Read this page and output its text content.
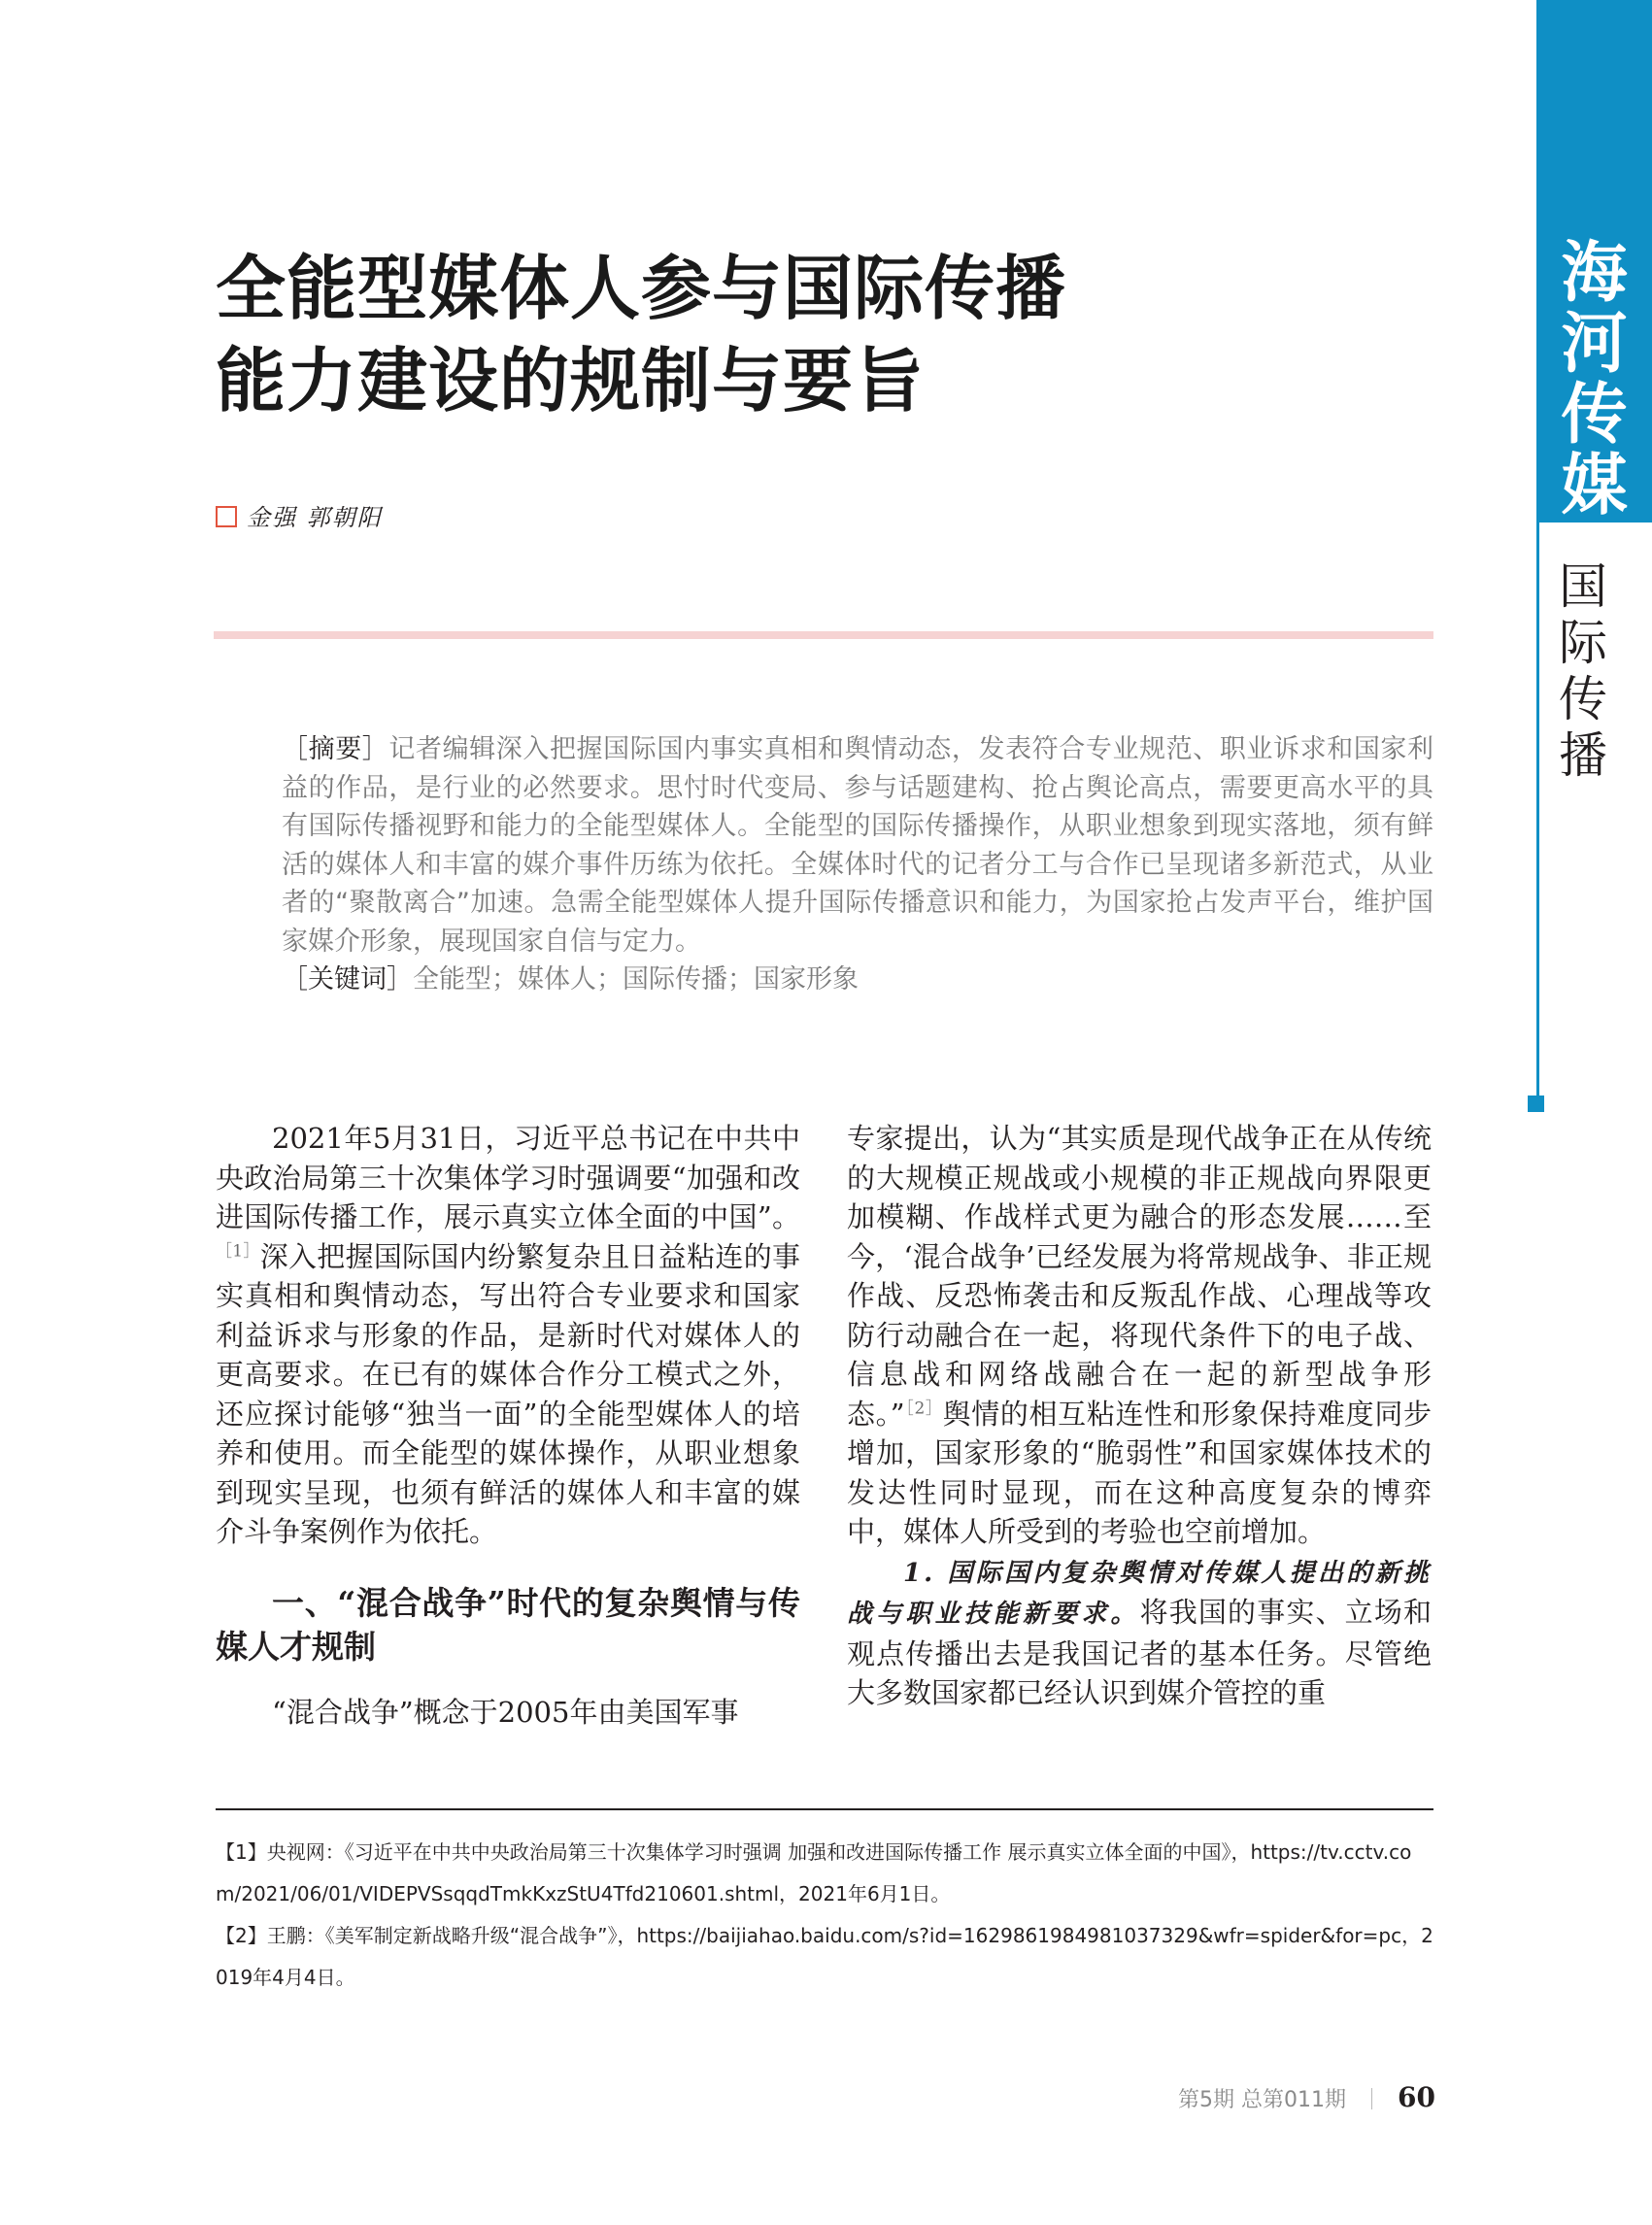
海
河
传
媒
国
际
传
播
全能型媒体人参与国际传播
能力建设的规制与要旨
金强 郭朝阳

［摘要］记者编辑深入把握国际国内事实真相和舆情动态，发表符合专业规范、职业诉求和国家利益的作品，是行业的必然要求。思忖时代变局、参与话题建构、抢占舆论高点，需要更高水平的具有国际传播视野和能力的全能型媒体人。全能型的国际传播操作，从职业想象到现实落地，须有鲜活的媒体人和丰富的媒介事件历练为依托。全媒体时代的记者分工与合作已呈现诸多新范式，从业者的“聚散离合”加速。急需全能型媒体人提升国际传播意识和能力，为国家抢占发声平台，维护国家媒介形象，展现国家自信与定力。

［关键词］全能型；媒体人；国际传播；国家形象

2021年5月31日，习近平总书记在中共中央政治局第三十次集体学习时强调要“加强和改进国际传播工作，展示真实立体全面的中国”。$^{[1]}$深入把握国际国内纷繁复杂且日益粘连的事实真相和舆情动态，写出符合专业要求和国家利益诉求与形象的作品，是新时代对媒体人的更高要求。在已有的媒体合作分工模式之外，还应探讨能够“独当一面”的全能型媒体人的培养和使用。而全能型的媒体操作，从职业想象到现实呈现，也须有鲜活的媒体人和丰富的媒介斗争案例作为依托。

一、“混合战争”时代的复杂舆情与传媒人才规制

“混合战争”概念于2005年由美国军事

专家提出，认为“其实质是现代战争正在从传统的大规模正规战或小规模的非正规战向界限更加模糊、作战样式更为融合的形态发展……至今，‘混合战争’已经发展为将常规战争、非正规作战、反恐怖袭击和反叛乱作战、心理战等攻防行动融合在一起，将现代条件下的电子战、信息战和网络战融合在一起的新型战争形态。”$^{[2]}$舆情的相互粘连性和形象保持难度同步增加，国家形象的“脆弱性”和国家媒体技术的发达性同时显现，而在这种高度复杂的博弈中，媒体人所受到的考验也空前增加。

1. 国际国内复杂舆情对传媒人提出的新挑战与职业技能新要求。将我国的事实、立场和观点传播出去是我国记者的基本任务。尽管绝大多数国家都已经认识到媒介管控的重

【1】央视网：《习近平在中共中央政治局第三十次集体学习时强调 加强和改进国际传播工作 展示真实立体全面的中国》，https://tv.cctv.com/2021/06/01/VIDEPVSsqqdTmkKxzStU4Tfd210601.shtml，2021年6月1日。

【2】王鹏：《美军制定新战略升级“混合战争”》，https://baijiahao.baidu.com/s?id=1629861984981037329&wfr=spider&for=pc，2019年4月4日。

第5期 总第011期 60
